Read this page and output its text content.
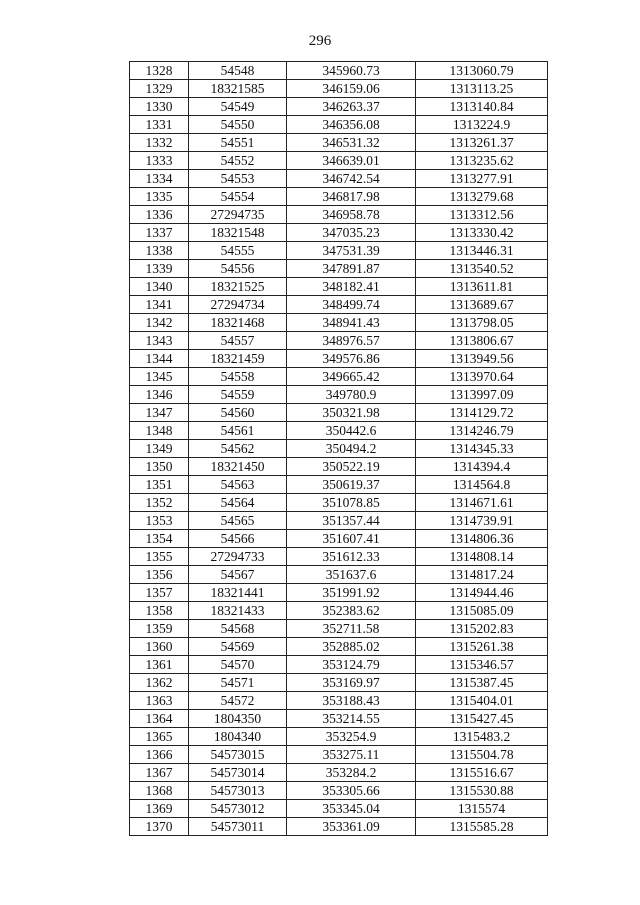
296
1328	54548	345960.73	1313060.79
1329	18321585	346159.06	1313113.25
1330	54549	346263.37	1313140.84
1331	54550	346356.08	1313224.9
1332	54551	346531.32	1313261.37
1333	54552	346639.01	1313235.62
1334	54553	346742.54	1313277.91
1335	54554	346817.98	1313279.68
1336	27294735	346958.78	1313312.56
1337	18321548	347035.23	1313330.42
1338	54555	347531.39	1313446.31
1339	54556	347891.87	1313540.52
1340	18321525	348182.41	1313611.81
1341	27294734	348499.74	1313689.67
1342	18321468	348941.43	1313798.05
1343	54557	348976.57	1313806.67
1344	18321459	349576.86	1313949.56
1345	54558	349665.42	1313970.64
1346	54559	349780.9	1313997.09
1347	54560	350321.98	1314129.72
1348	54561	350442.6	1314246.79
1349	54562	350494.2	1314345.33
1350	18321450	350522.19	1314394.4
1351	54563	350619.37	1314564.8
1352	54564	351078.85	1314671.61
1353	54565	351357.44	1314739.91
1354	54566	351607.41	1314806.36
1355	27294733	351612.33	1314808.14
1356	54567	351637.6	1314817.24
1357	18321441	351991.92	1314944.46
1358	18321433	352383.62	1315085.09
1359	54568	352711.58	1315202.83
1360	54569	352885.02	1315261.38
1361	54570	353124.79	1315346.57
1362	54571	353169.97	1315387.45
1363	54572	353188.43	1315404.01
1364	1804350	353214.55	1315427.45
1365	1804340	353254.9	1315483.2
1366	54573015	353275.11	1315504.78
1367	54573014	353284.2	1315516.67
1368	54573013	353305.66	1315530.88
1369	54573012	353345.04	1315574
1370	54573011	353361.09	1315585.28
